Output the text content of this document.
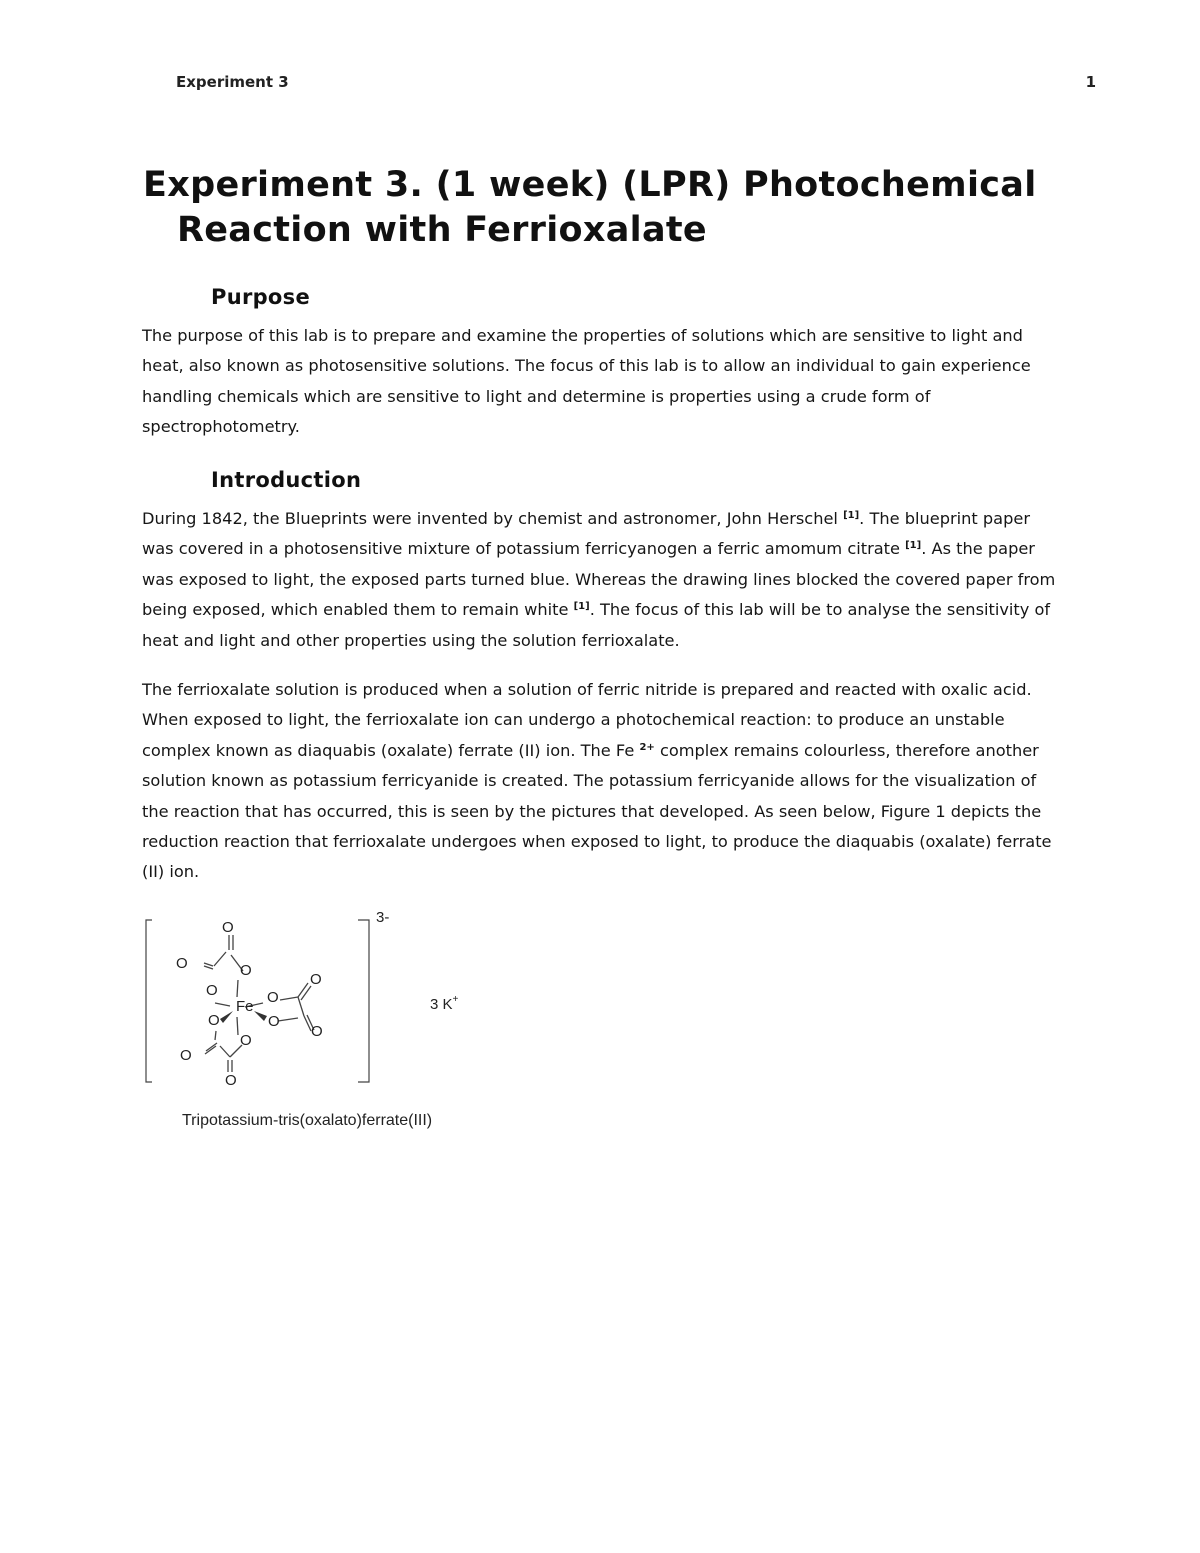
Experiment 3	1
Experiment 3. (1 week) (LPR) Photochemical
Reaction with Ferrioxalate
Purpose

The purpose of this lab is to prepare and examine the properties of solutions which are sensitive to light and heat, also known as photosensitive solutions. The focus of this lab is to allow an individual to gain experience handling chemicals which are sensitive to light and determine is properties using a crude form of spectrophotometry.

Introduction

During 1842, the Blueprints were invented by chemist and astronomer, John Herschel [1]. The blueprint paper was covered in a photosensitive mixture of potassium ferricyanogen a ferric amomum citrate [1]. As the paper was exposed to light, the exposed parts turned blue. Whereas the drawing lines blocked the covered paper from being exposed, which enabled them to remain white [1]. The focus of this lab will be to analyse the sensitivity of heat and light and other properties using the solution ferrioxalate.

The ferrioxalate solution is produced when a solution of ferric nitride is prepared and reacted with oxalic acid. When exposed to light, the ferrioxalate ion can undergo a photochemical reaction: to produce an unstable complex known as diaquabis (oxalate) ferrate (II) ion. The Fe $^{2+}$ complex remains colourless, therefore another solution known as potassium ferricyanide is created. The potassium ferricyanide allows for the visualization of the reaction that has occurred, this is seen by the pictures that developed. As seen below, Figure 1 depicts the reduction reaction that ferrioxalate undergoes when exposed to light, to produce the diaquabis (oxalate) ferrate (II) ion.

Fe
O
O	O
O	O
O
O
O
O
O
O
O
3-
3 K+

Tripotassium-tris(oxalato)ferrate(III)
